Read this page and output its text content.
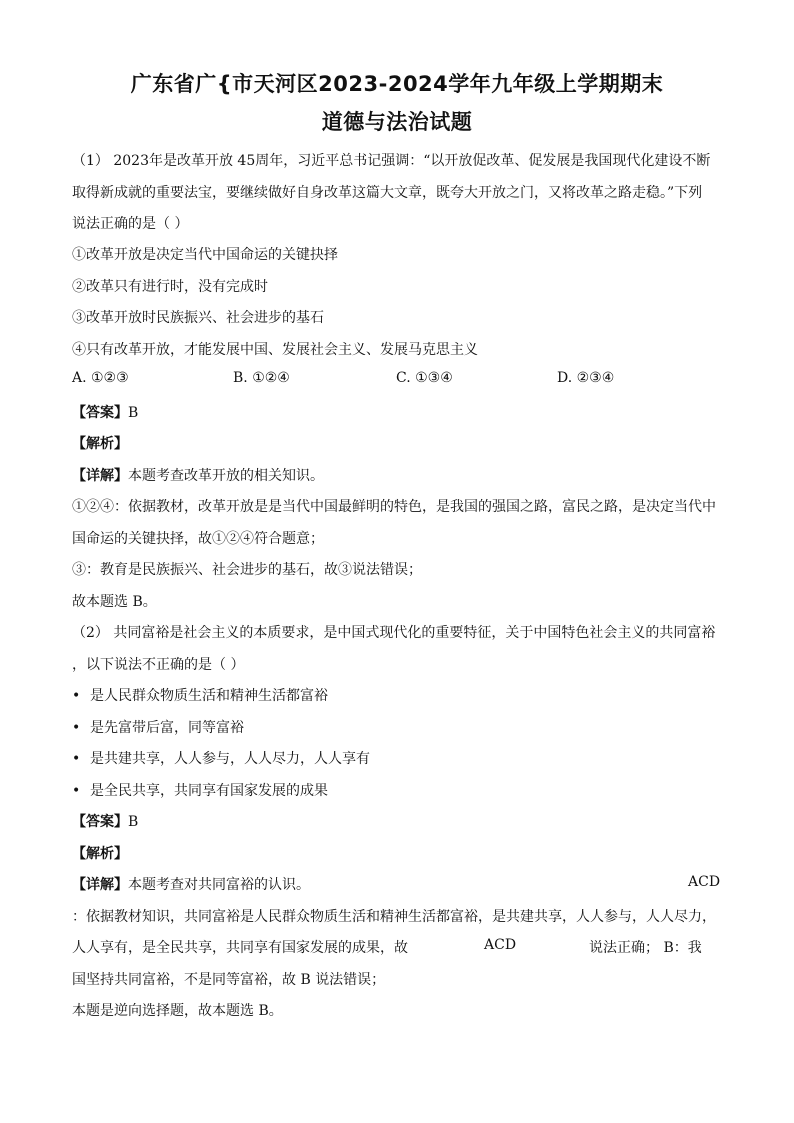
广东省广{市天河区2023-2024学年九年级上学期期末
道德与法治试题
（1） 2023年是改革开放 45周年，习近平总书记强调：“以开放促改革、促发展是我国现代化建设不断
取得新成就的重要法宝，要继续做好自身改革这篇大文章，既夸大开放之门，又将改革之路走稳。”下列
说法正确的是（ ）
①改革开放是决定当代中国命运的关键抉择
②改革只有进行时，没有完成时
③改革开放时民族振兴、社会进步的基石
④只有改革开放，才能发展中国、发展社会主义、发展马克思主义
A. ①②③	B. ①②④	C. ①③④	D. ②③④
【答案】B
【解析】
【详解】本题考查改革开放的相关知识。
①②④：依据教材，改革开放是是当代中国最鲜明的特色，是我国的强国之路，富民之路，是决定当代中
国命运的关键抉择，故①②④符合题意；
③：教育是民族振兴、社会进步的基石，故③说法错误；
故本题选 B。
（2） 共同富裕是社会主义的本质要求，是中国式现代化的重要特征，关于中国特色社会主义的共同富裕
，以下说法不正确的是（ ）
• 是人民群众物质生活和精神生活都富裕
• 是先富带后富，同等富裕
• 是共建共享，人人参与，人人尽力，人人享有
• 是全民共享，共同享有国家发展的成果
【答案】B
【解析】
【详解】本题考查对共同富裕的认识。	ACD
：依据教材知识，共同富裕是人民群众物质生活和精神生活都富裕，是共建共享，人人参与，人人尽力，
人人享有，是全民共享，共同享有国家发展的成果，故	ACD	说法正确； B：我
国坚持共同富裕，不是同等富裕，故 B 说法错误；
本题是逆向选择题，故本题选 B。
